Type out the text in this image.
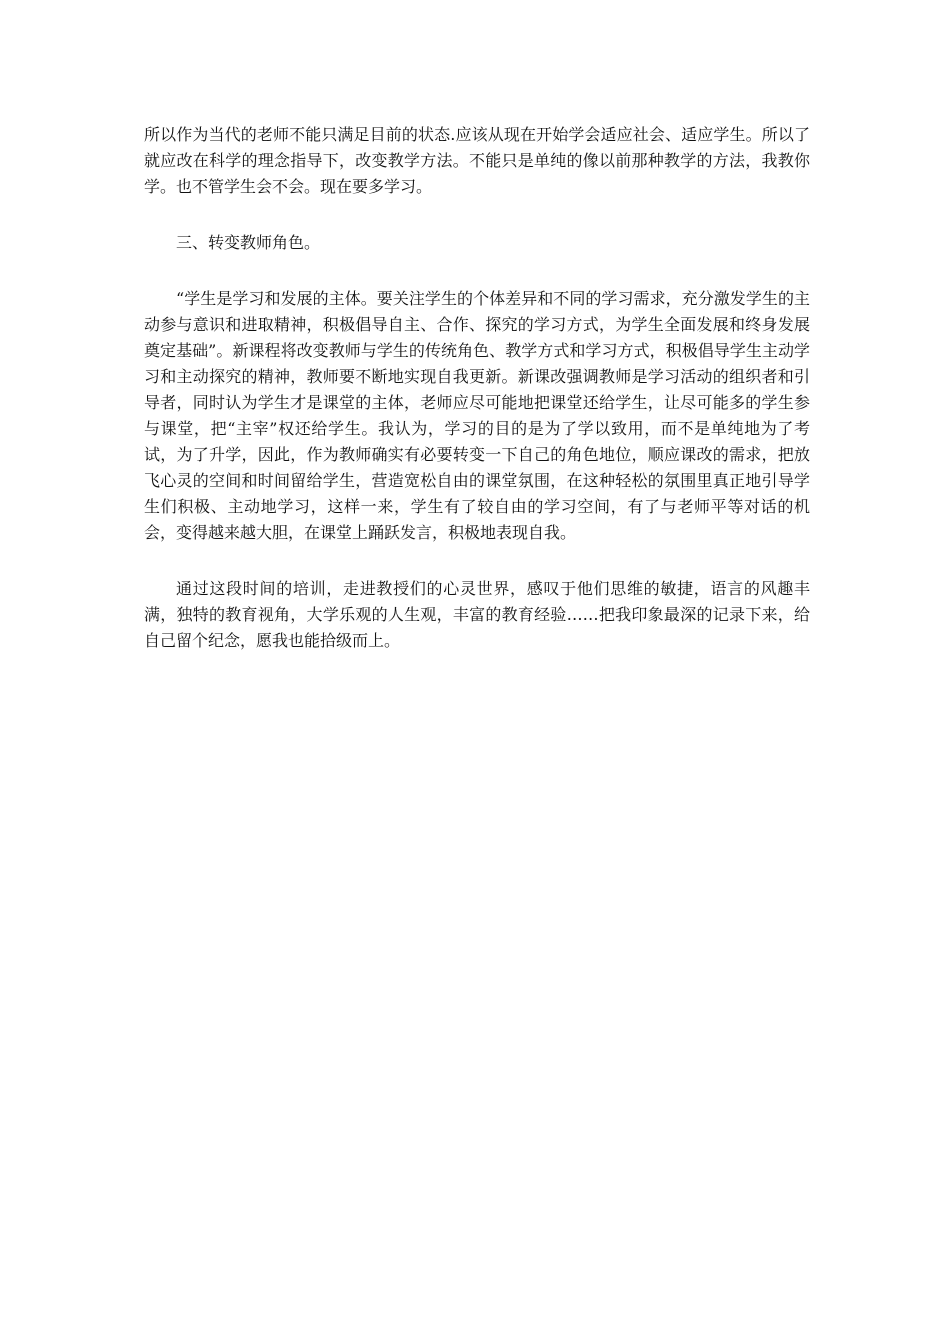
所以作为当代的老师不能只满足目前的状态.应该从现在开始学会适应社会、适应学生。所以了就应改在科学的理念指导下，改变教学方法。不能只是单纯的像以前那种教学的方法，我教你学。也不管学生会不会。现在要多学习。

三、转变教师角色。

“学生是学习和发展的主体。要关注学生的个体差异和不同的学习需求，充分激发学生的主动参与意识和进取精神，积极倡导自主、合作、探究的学习方式，为学生全面发展和终身发展奠定基础”。新课程将改变教师与学生的传统角色、教学方式和学习方式，积极倡导学生主动学习和主动探究的精神，教师要不断地实现自我更新。新课改强调教师是学习活动的组织者和引导者，同时认为学生才是课堂的主体，老师应尽可能地把课堂还给学生，让尽可能多的学生参与课堂，把“主宰”权还给学生。我认为，学习的目的是为了学以致用，而不是单纯地为了考试，为了升学，因此，作为教师确实有必要转变一下自己的角色地位，顺应课改的需求，把放飞心灵的空间和时间留给学生，营造宽松自由的课堂氛围，在这种轻松的氛围里真正地引导学生们积极、主动地学习，这样一来，学生有了较自由的学习空间，有了与老师平等对话的机会，变得越来越大胆，在课堂上踊跃发言，积极地表现自我。

通过这段时间的培训，走进教授们的心灵世界，感叹于他们思维的敏捷，语言的风趣丰满，独特的教育视角，大学乐观的人生观，丰富的教育经验……把我印象最深的记录下来，给自己留个纪念，愿我也能拾级而上。
